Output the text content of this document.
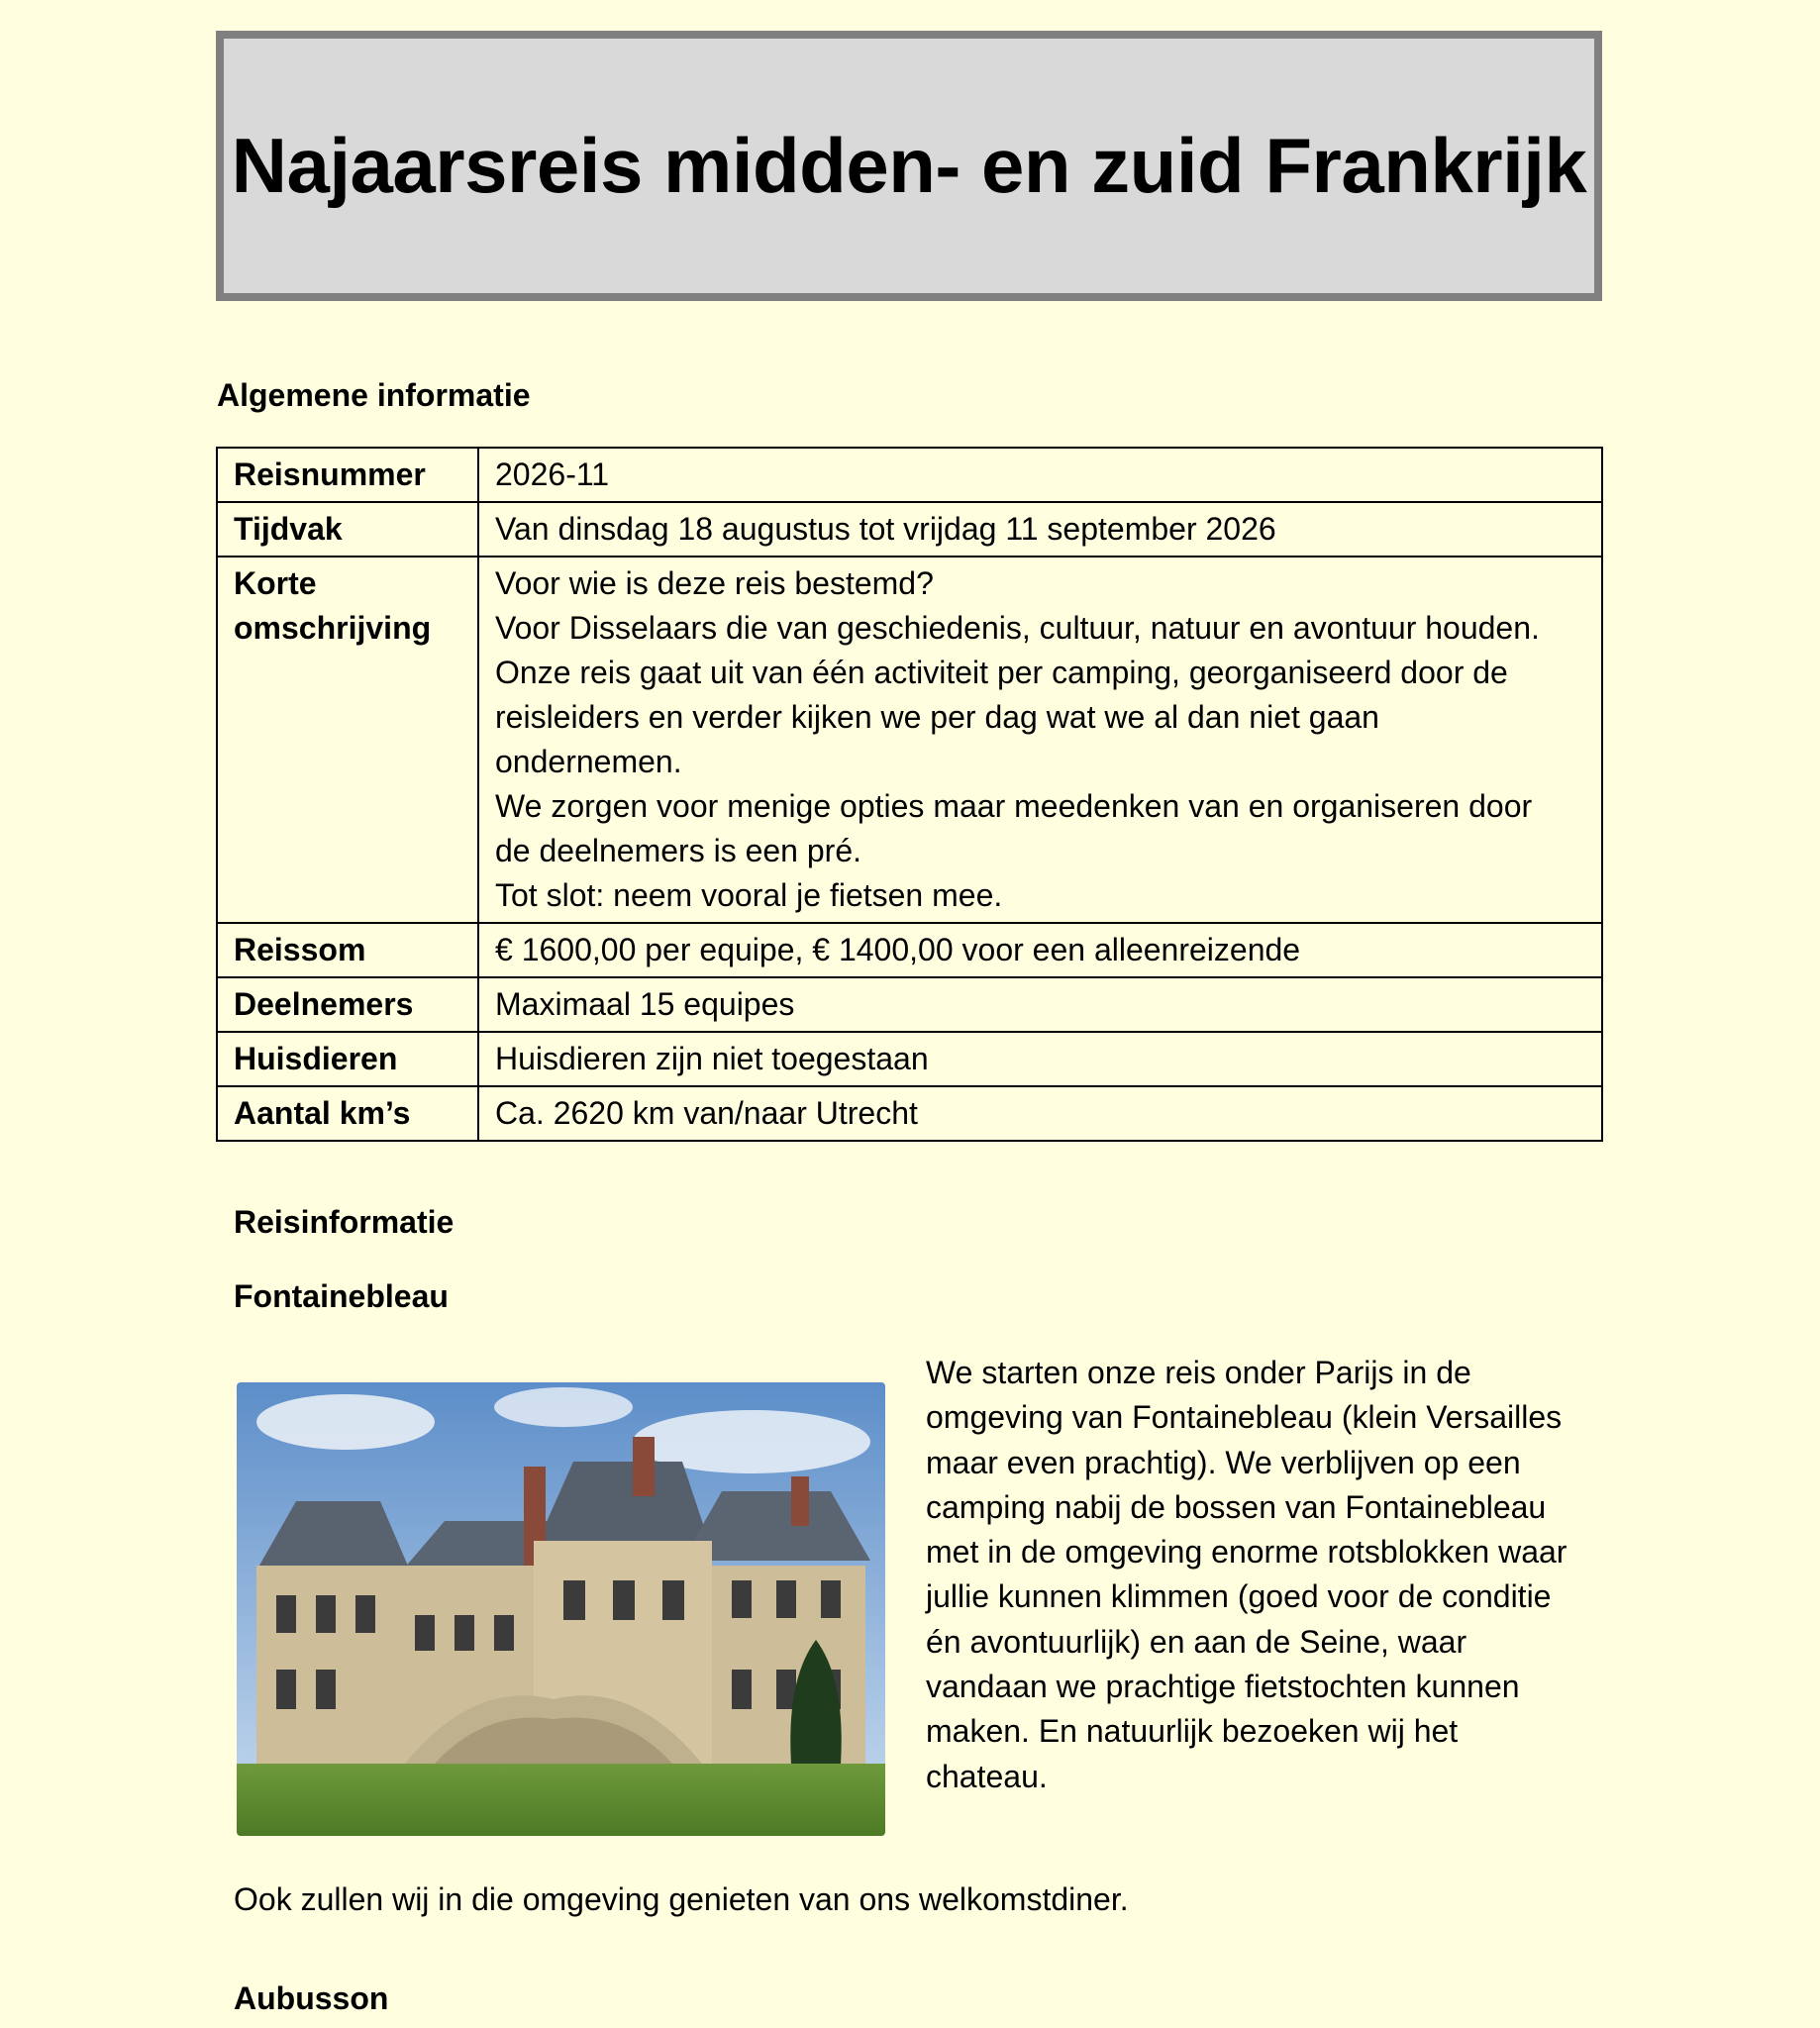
Najaarsreis midden- en zuid Frankrijk
Algemene informatie
Reisnummer	2026-11
Tijdvak	Van dinsdag 18 augustus tot vrijdag 11 september 2026
Korte omschrijving	Voor wie is deze reis bestemd?

Voor Disselaars die van geschiedenis, cultuur, natuur en avontuur houden. Onze reis gaat uit van één activiteit per camping, georganiseerd door de reisleiders en verder kijken we per dag wat we al dan niet gaan ondernemen.

We zorgen voor menige opties maar meedenken van en organiseren door de deelnemers is een pré.

Tot slot: neem vooral je fietsen mee.

Reissom	€ 1600,00 per equipe, € 1400,00 voor een alleenreizende
Deelnemers	Maximaal 15 equipes
Huisdieren	Huisdieren zijn niet toegestaan
Aantal km’s	Ca. 2620 km van/naar Utrecht
Reisinformatie
Fontainebleau

We starten onze reis onder Parijs in de omgeving van Fontainebleau (klein Versailles maar even prachtig). We verblijven op een camping nabij de bossen van Fontainebleau met in de omgeving enorme rotsblokken waar jullie kunnen klimmen (goed voor de conditie én avontuurlijk) en aan de Seine, waar vandaan we prachtige fietstochten kunnen maken. En natuurlijk bezoeken wij het chateau.

Ook zullen wij in die omgeving genieten van ons welkomstdiner.

Aubusson
